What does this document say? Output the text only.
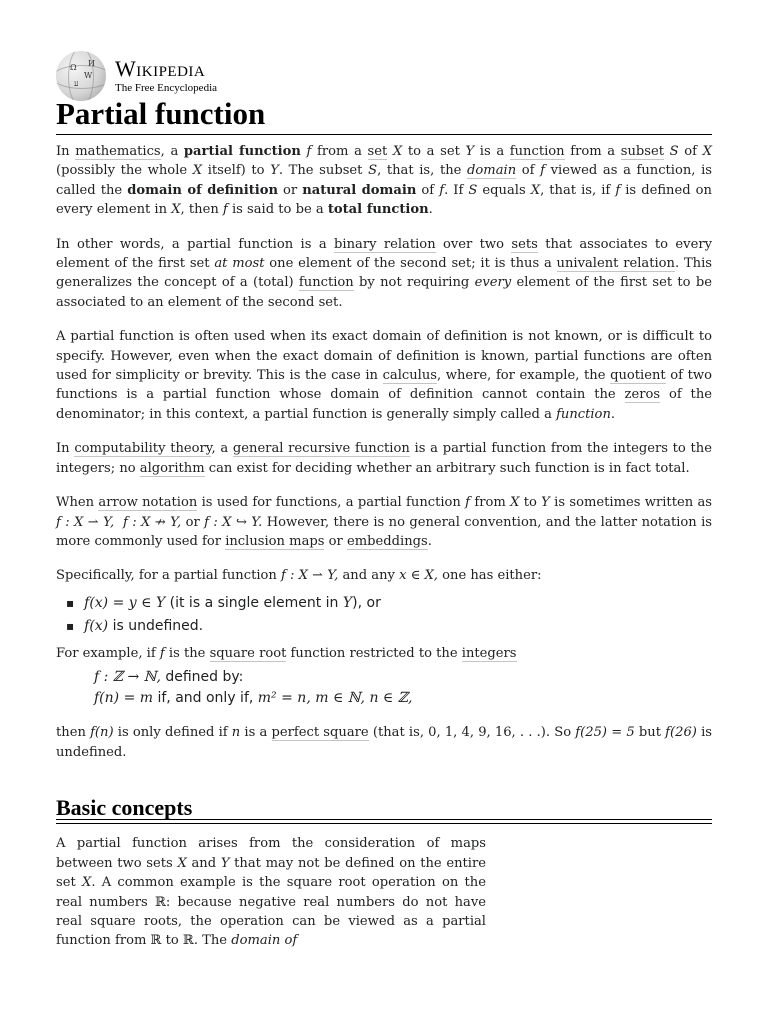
Ω
W
ע
И Wikipedia
The Free Encyclopedia
Partial function

In mathematics, a partial function f from a set X to a set Y is a function from a subset S of X (possibly the whole X itself) to Y. The subset S, that is, the domain of f viewed as a function, is called the domain of definition or natural domain of f. If S equals X, that is, if f is defined on every element in X, then f is said to be a total function.

In other words, a partial function is a binary relation over two sets that associates to every element of the first set at most one element of the second set; it is thus a univalent relation. This generalizes the concept of a (total) function by not requiring every element of the first set to be associated to an element of the second set.

A partial function is often used when its exact domain of definition is not known, or is difficult to specify. However, even when the exact domain of definition is known, partial functions are often used for simplicity or brevity. This is the case in calculus, where, for example, the quotient of two functions is a partial function whose domain of definition cannot contain the zeros of the denominator; in this context, a partial function is generally simply called a function.

In computability theory, a general recursive function is a partial function from the integers to the integers; no algorithm can exist for deciding whether an arbitrary such function is in fact total.

When arrow notation is used for functions, a partial function f from X to Y is sometimes written as f : X ⇀ Y, f : X ↛ Y, or f : X ↪ Y. However, there is no general convention, and the latter notation is more commonly used for inclusion maps or embeddings.

Specifically, for a partial function f : X ⇀ Y, and any x ∈ X, one has either:

▪ f(x) = y ∈ Y (it is a single element in Y), or
▪ f(x) is undefined.

For example, if f is the square root function restricted to the integers

f : ℤ → ℕ, defined by:
f(n) = m if, and only if, m² = n, m ∈ ℕ, n ∈ ℤ,

then f(n) is only defined if n is a perfect square (that is, 0, 1, 4, 9, 16, . . .). So f(25) = 5 but f(26) is undefined.

Basic concepts

A partial function arises from the consideration of maps between two sets X and Y that may not be defined on the entire set X. A common example is the square root operation on the real numbers ℝ: because negative real numbers do not have real square roots, the operation can be viewed as a partial function from ℝ to ℝ. The domain of
